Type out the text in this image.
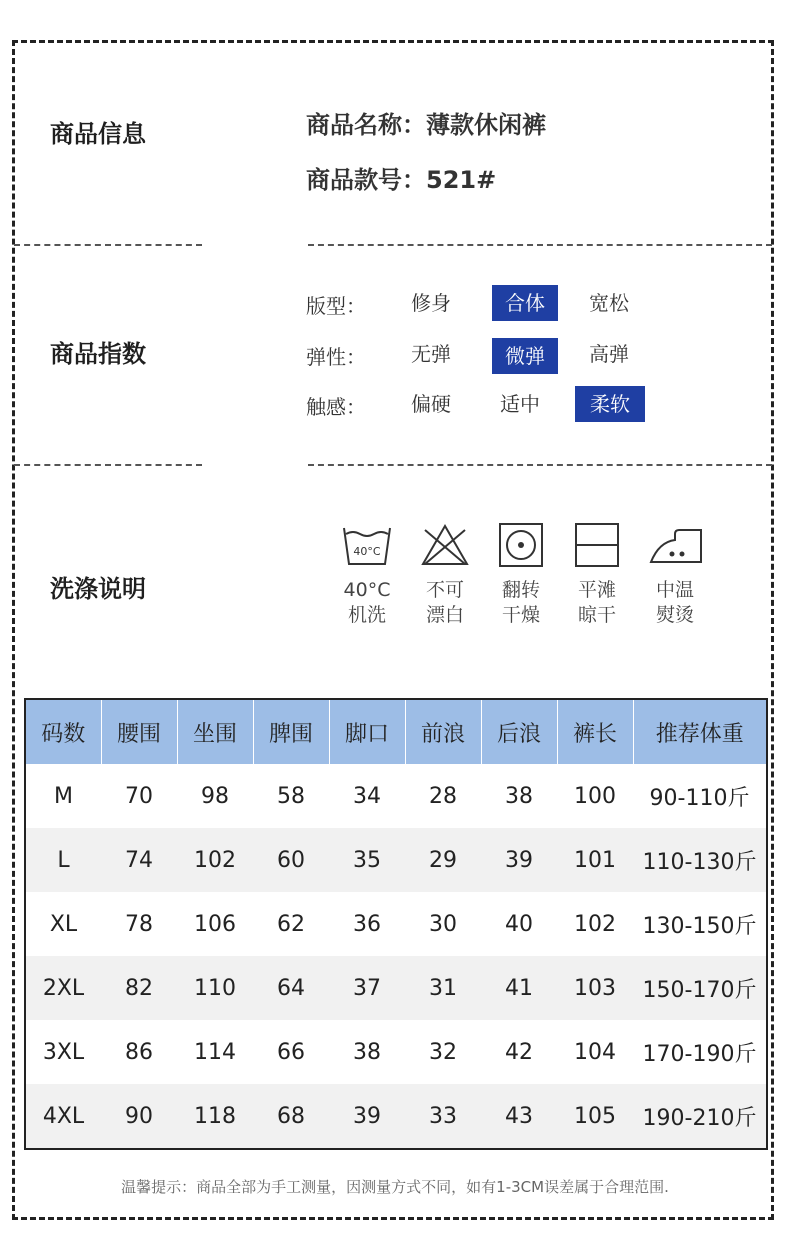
商品信息	商品名称：薄款休闲裤
商品款号：521#
商品指数
版型：	修身	合体	宽松
弹性：	无弹	微弹	高弹
触感：	偏硬	适中	柔软
洗涤说明
40°C
40°C
机洗
不可
漂白
翻转
干燥
平滩
晾干
中温
熨烫
码数	腰围	坐围	脾围	脚口	前浪	后浪	裤长	推荐体重
M	70	98	58	34	28	38	100	90-110斤
L	74	102	60	35	29	39	101	110-130斤
XL	78	106	62	36	30	40	102	130-150斤
2XL	82	110	64	37	31	41	103	150-170斤
3XL	86	114	66	38	32	42	104	170-190斤
4XL	90	118	68	39	33	43	105	190-210斤
温馨提示：商品全部为手工测量，因测量方式不同，如有1-3CM误差属于合理范围.
